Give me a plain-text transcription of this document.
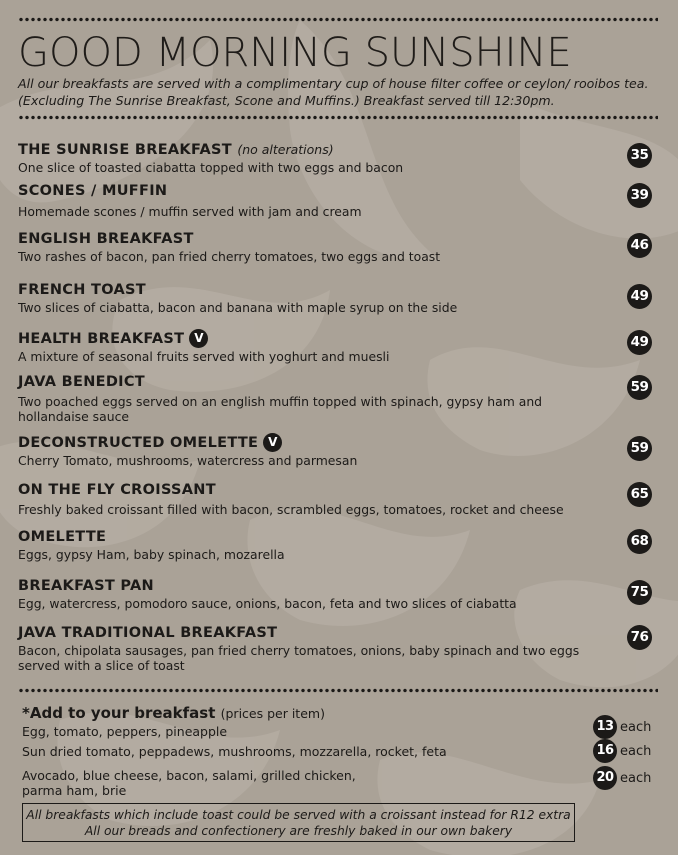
GOOD MORNING SUNSHINE
All our breakfasts are served with a complimentary cup of house filter coffee or ceylon/ rooibos tea. (Excluding The Sunrise Breakfast, Scone and Muffins.) Breakfast served till 12:30pm.
THE SUNRISE BREAKFAST (no alterations)
One slice of toasted ciabatta topped with two eggs and bacon
35
SCONES / MUFFIN
Homemade scones / muffin served with jam and cream
39
ENGLISH BREAKFAST
Two rashes of bacon, pan fried cherry tomatoes, two eggs and toast
46
FRENCH TOAST
Two slices of ciabatta, bacon and banana with maple syrup on the side
49
HEALTH BREAKFAST V
A mixture of seasonal fruits served with yoghurt and muesli
49
JAVA BENEDICT
Two poached eggs served on an english muffin topped with spinach, gypsy ham and hollandaise sauce
59
DECONSTRUCTED OMELETTE V
Cherry Tomato, mushrooms, watercress and parmesan
59
ON THE FLY CROISSANT
Freshly baked croissant filled with bacon, scrambled eggs, tomatoes, rocket and cheese
65
OMELETTE
Eggs, gypsy Ham, baby spinach, mozarella
68
BREAKFAST PAN
Egg, watercress, pomodoro sauce, onions, bacon, feta and two slices of ciabatta
75
JAVA TRADITIONAL BREAKFAST
Bacon, chipolata sausages, pan fried cherry tomatoes, onions, baby spinach and two eggs served with a slice of toast
76
*Add to your breakfast (prices per item)
Egg, tomato, peppers, pineapple	13 each
Sun dried tomato, peppadews, mushrooms, mozzarella, rocket, feta	16 each
Avocado, blue cheese, bacon, salami, grilled chicken, parma ham, brie
20 each
All breakfasts which include toast could be served with a croissant instead for R12 extra
All our breads and confectionery are freshly baked in our own bakery
